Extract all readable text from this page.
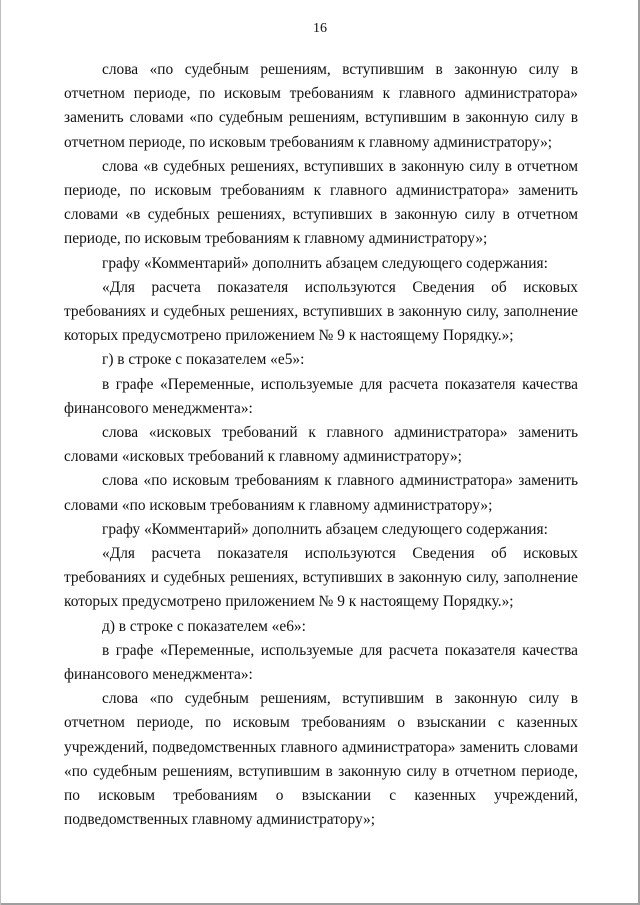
16

слова «по судебным решениям, вступившим в законную силу в отчетном периоде, по исковым требованиям к главного администратора» заменить словами «по судебным решениям, вступившим в законную силу в отчетном периоде, по исковым требованиям к главному администратору»;

слова «в судебных решениях, вступивших в законную силу в отчетном периоде, по исковым требованиям к главного администратора» заменить словами «в судебных решениях, вступивших в законную силу в отчетном периоде, по исковым требованиям к главному администратору»;

графу «Комментарий» дополнить абзацем следующего содержания:

«Для расчета показателя используются Сведения об исковых требованиях и судебных решениях, вступивших в законную силу, заполнение которых предусмотрено приложением № 9 к настоящему Порядку.»;

г) в строке с показателем «е5»:

в графе «Переменные, используемые для расчета показателя качества финансового менеджмента»:

слова «исковых требований к главного администратора» заменить словами «исковых требований к главному администратору»;

слова «по исковым требованиям к главного администратора» заменить словами «по исковым требованиям к главному администратору»;

графу «Комментарий» дополнить абзацем следующего содержания:

«Для расчета показателя используются Сведения об исковых требованиях и судебных решениях, вступивших в законную силу, заполнение которых предусмотрено приложением № 9 к настоящему Порядку.»;

д) в строке с показателем «е6»:

в графе «Переменные, используемые для расчета показателя качества финансового менеджмента»:

слова «по судебным решениям, вступившим в законную силу в отчетном периоде, по исковым требованиям о взыскании с казенных учреждений, подведомственных главного администратора» заменить словами «по судебным решениям, вступившим в законную силу в отчетном периоде, по исковым требованиям о взыскании с казенных учреждений, подведомственных главному администратору»;
